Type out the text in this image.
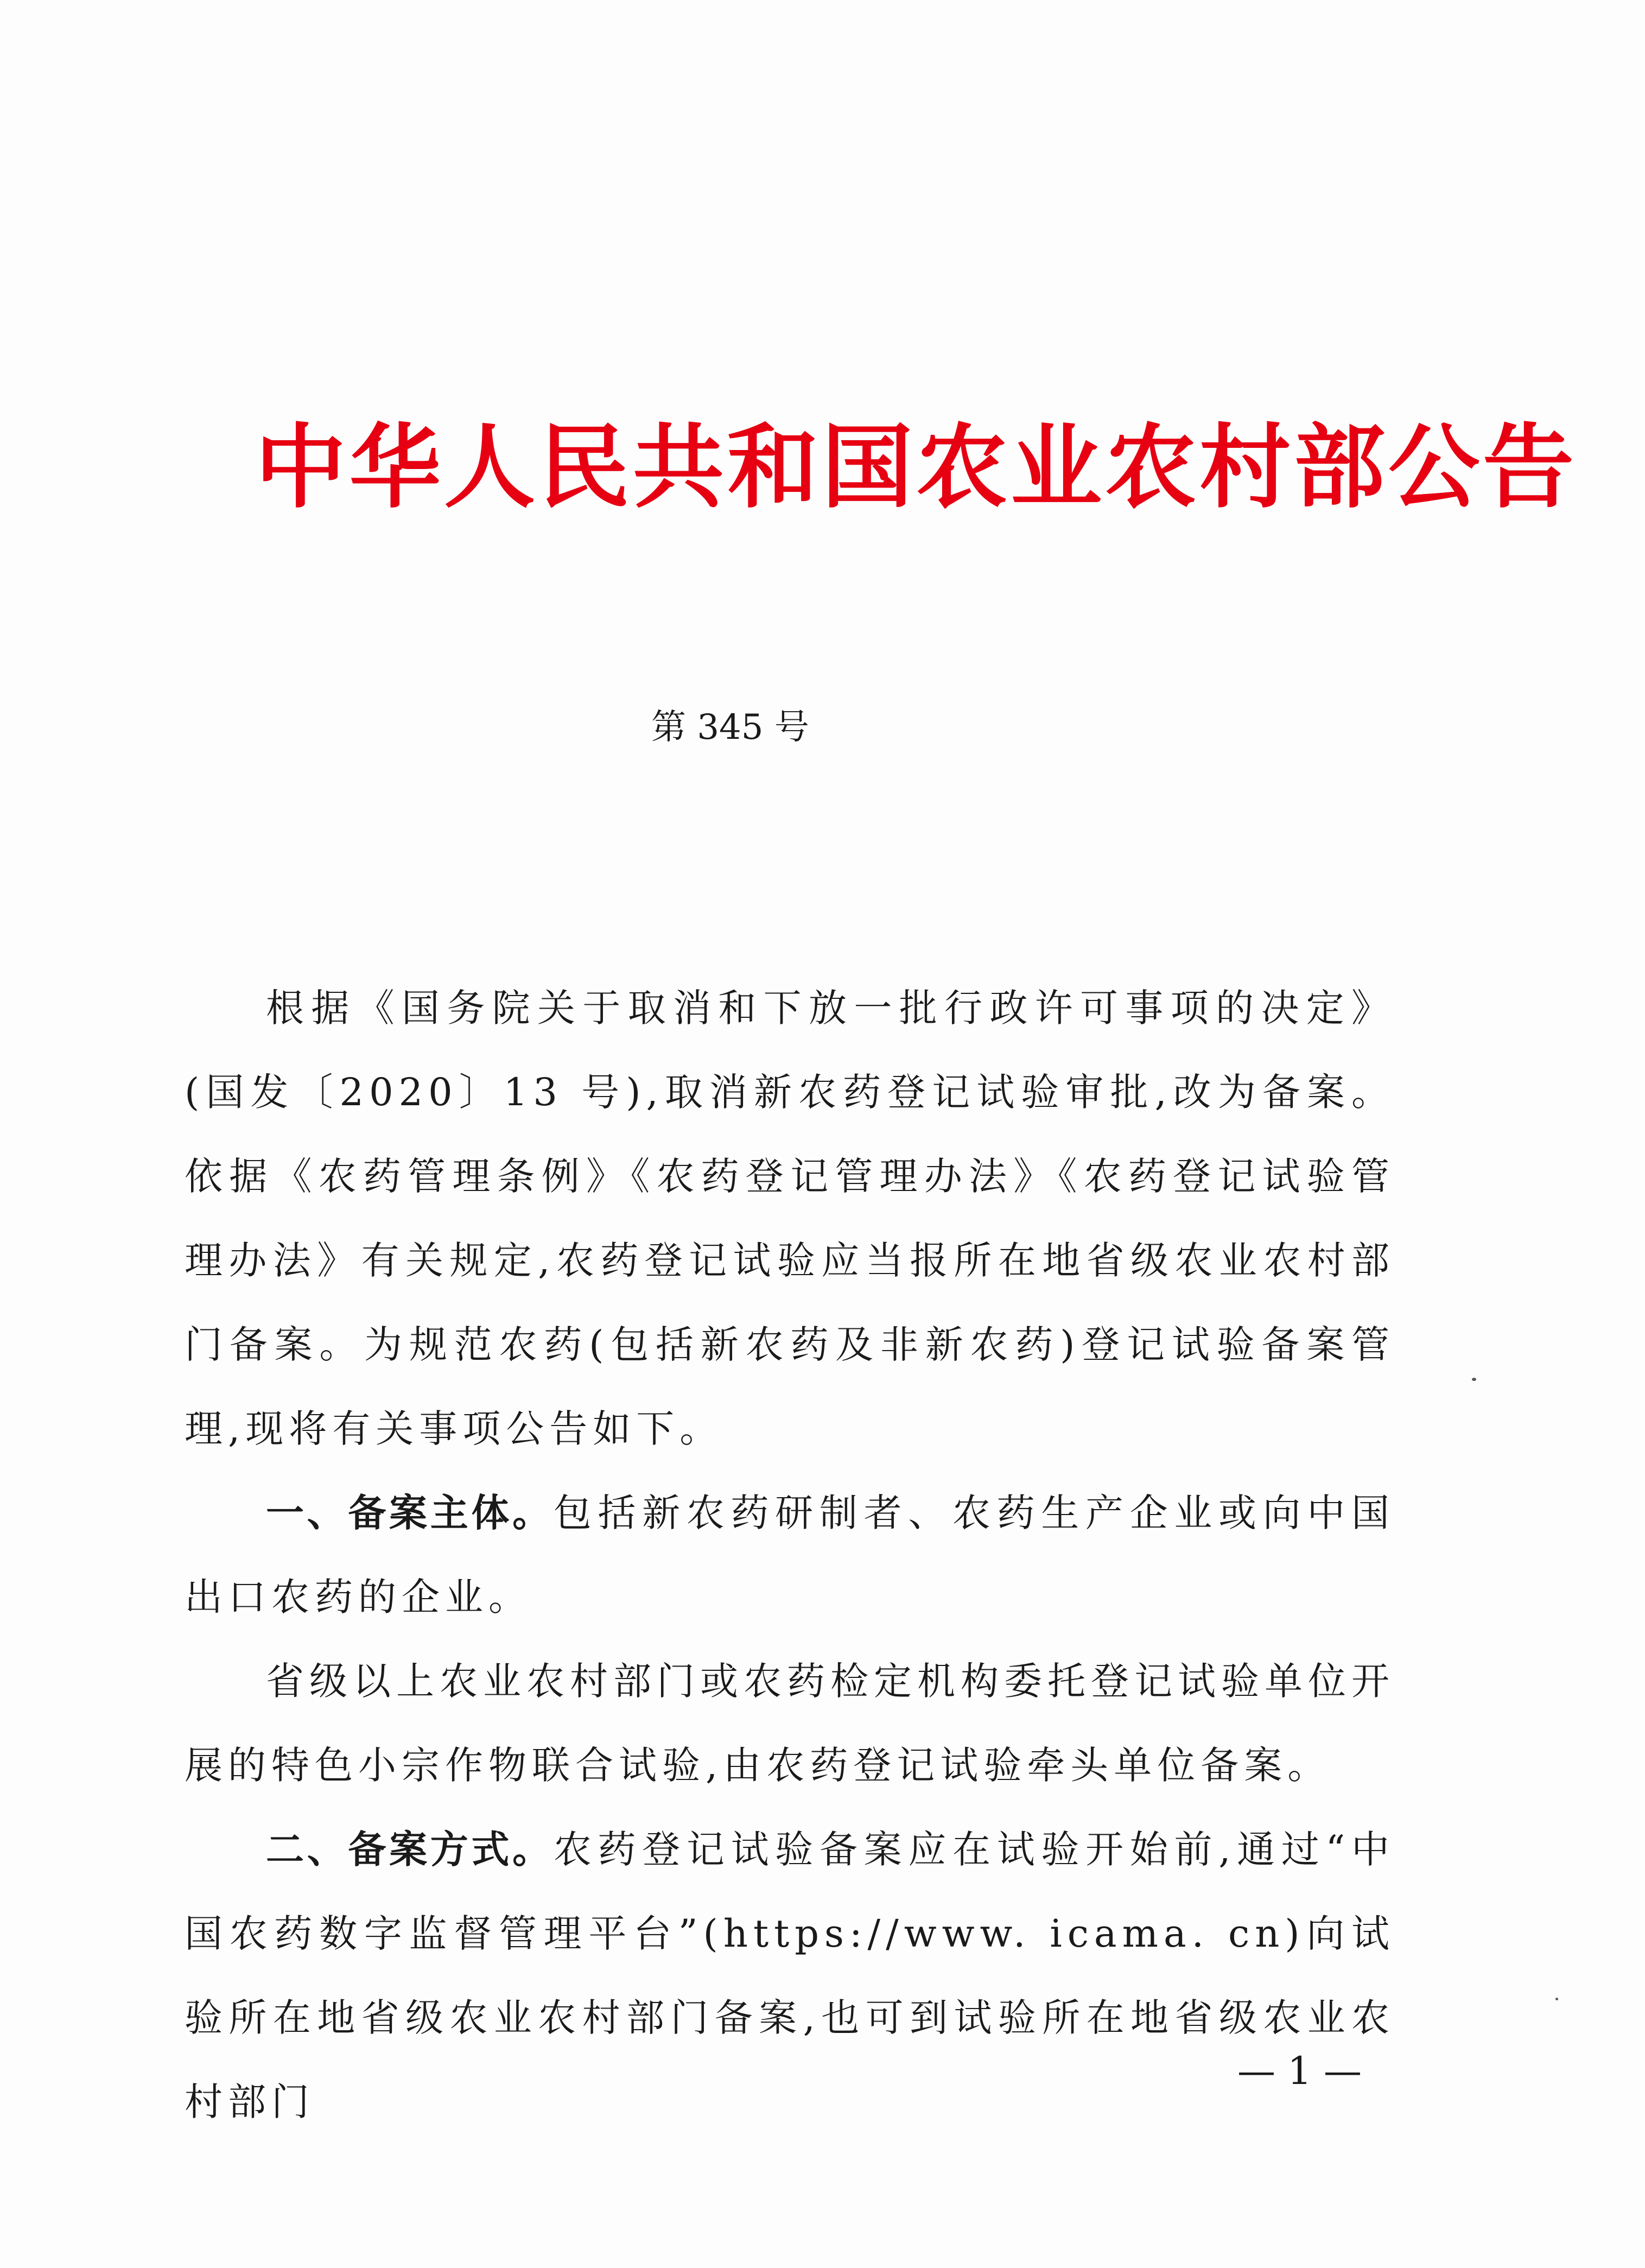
中华人民共和国农业农村部公告
第 345 号

根据《国务院关于取消和下放一批行政许可事项的决定》(国发〔2020〕13 号),取消新农药登记试验审批,改为备案。依据《农药管理条例》《农药登记管理办法》《农药登记试验管理办法》有关规定,农药登记试验应当报所在地省级农业农村部门备案。为规范农药(包括新农药及非新农药)登记试验备案管理,现将有关事项公告如下。

一、备案主体。包括新农药研制者、农药生产企业或向中国出口农药的企业。

省级以上农业农村部门或农药检定机构委托登记试验单位开展的特色小宗作物联合试验,由农药登记试验牵头单位备案。

二、备案方式。农药登记试验备案应在试验开始前,通过“中国农药数字监督管理平台”(https://www. icama. cn)向试验所在地省级农业农村部门备案,也可到试验所在地省级农业农村部门

— 1 —
